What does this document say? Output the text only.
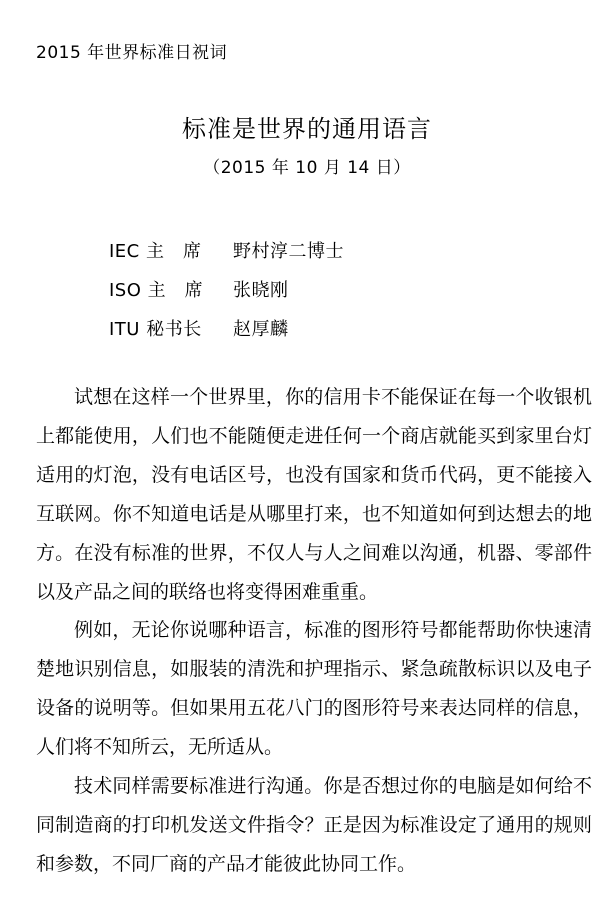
2015 年世界标准日祝词
标准是世界的通用语言
（2015 年 10 月 14 日）
IEC 主　席	野村淳二博士
ISO 主　席	张晓刚
ITU 秘书长	赵厚麟

试想在这样一个世界里，你的信用卡不能保证在每一个收银机上都能使用，人们也不能随便走进任何一个商店就能买到家里台灯适用的灯泡，没有电话区号，也没有国家和货币代码，更不能接入互联网。你不知道电话是从哪里打来，也不知道如何到达想去的地方。在没有标准的世界，不仅人与人之间难以沟通，机器、零部件以及产品之间的联络也将变得困难重重。

例如，无论你说哪种语言，标准的图形符号都能帮助你快速清楚地识别信息，如服装的清洗和护理指示、紧急疏散标识以及电子设备的说明等。但如果用五花八门的图形符号来表达同样的信息，人们将不知所云，无所适从。

技术同样需要标准进行沟通。你是否想过你的电脑是如何给不同制造商的打印机发送文件指令？正是因为标准设定了通用的规则和参数，不同厂商的产品才能彼此协同工作。
